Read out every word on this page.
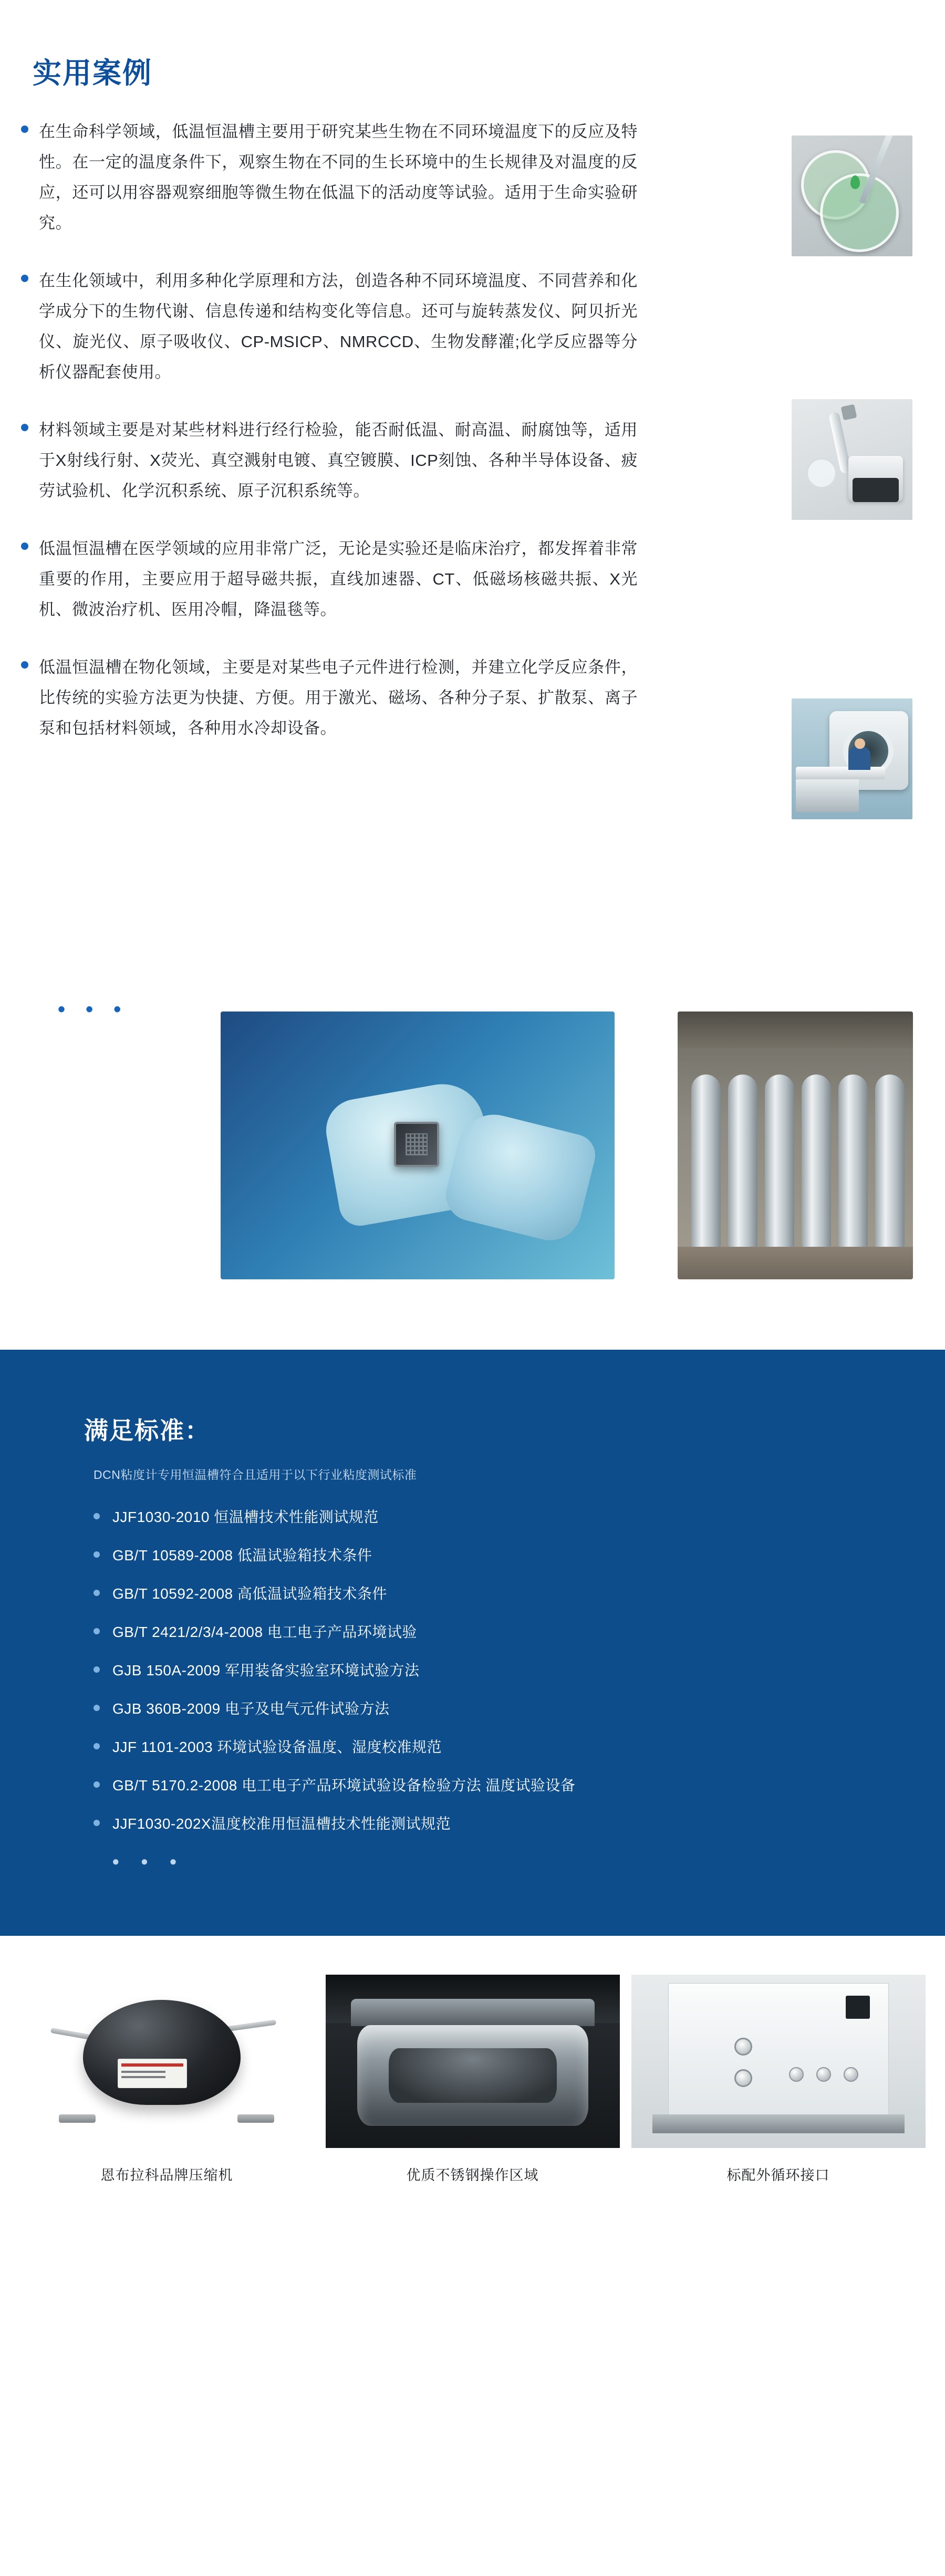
实用案例

在生命科学领域，低温恒温槽主要用于研究某些生物在不同环境温度下的反应及特性。在一定的温度条件下，观察生物在不同的生长环境中的生长规律及对温度的反应，还可以用容器观察细胞等微生物在低温下的活动度等试验。适用于生命实验研究。

在生化领域中，利用多种化学原理和方法，创造各种不同环境温度、不同营养和化学成分下的生物代谢、信息传递和结构变化等信息。还可与旋转蒸发仪、阿贝折光仪、旋光仪、原子吸收仪、CP-MSICP、NMRCCD、生物发酵灌;化学反应器等分析仪器配套使用。

材料领域主要是对某些材料进行经行检验，能否耐低温、耐高温、耐腐蚀等，适用于X射线行射、X荧光、真空溅射电镀、真空镀膜、ICP刻蚀、各种半导体设备、疲劳试验机、化学沉积系统、原子沉积系统等。

低温恒温槽在医学领域的应用非常广泛，无论是实验还是临床治疗，都发挥着非常重要的作用，主要应用于超导磁共振，直线加速器、CT、低磁场核磁共振、X光机、微波治疗机、医用冷帽，降温毯等。

低温恒温槽在物化领域，主要是对某些电子元件进行检测，并建立化学反应条件，比传统的实验方法更为快捷、方便。用于激光、磁场、各种分子泵、扩散泵、离子泵和包括材料领域，各种用水冷却设备。

• • •
满足标准：

DCN粘度计专用恒温槽符合且适用于以下行业粘度测试标准

JJF1030-2010 恒温槽技术性能测试规范
GB/T 10589-2008 低温试验箱技术条件
GB/T 10592-2008 高低温试验箱技术条件
GB/T 2421/2/3/4-2008 电工电子产品环境试验
GJB 150A-2009 军用装备实验室环境试验方法
GJB 360B-2009 电子及电气元件试验方法
JJF 1101-2003 环境试验设备温度、湿度校准规范
GB/T 5170.2-2008 电工电子产品环境试验设备检验方法 温度试验设备
JJF1030-202X温度校准用恒温槽技术性能测试规范
• • •
恩布拉科品牌压缩机	优质不锈钢操作区域	标配外循环接口
